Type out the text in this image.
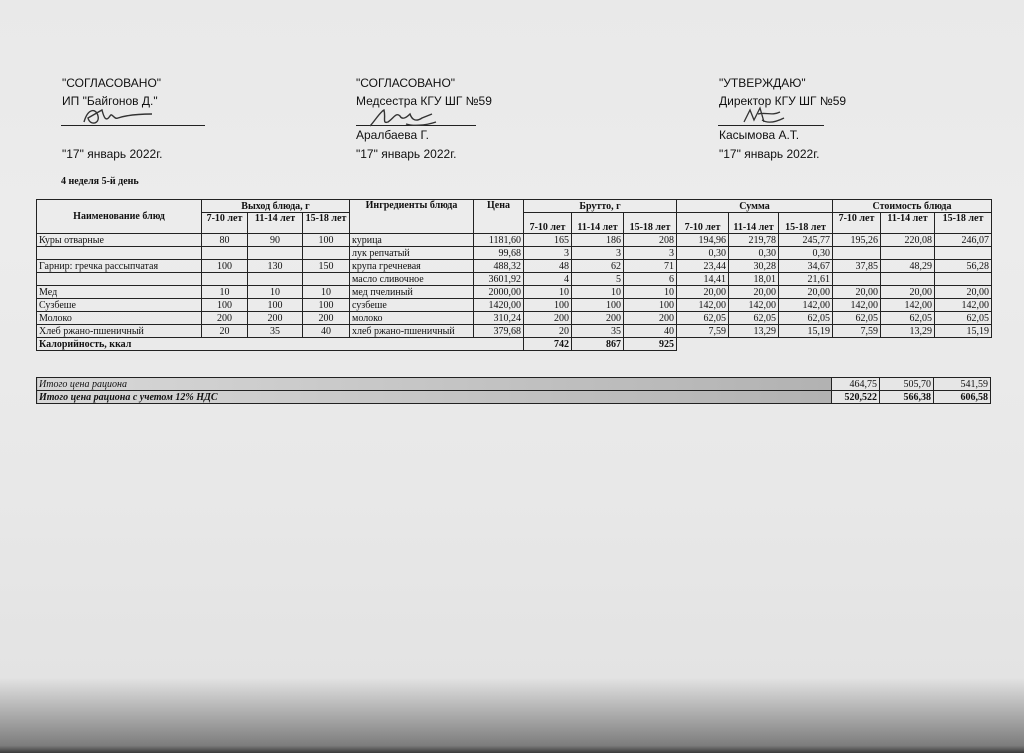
"СОГЛАСОВАНО"
ИП "Байгонов Д."
"17" январь 2022г.
"СОГЛАСОВАНО"
Медсестра КГУ ШГ №59
Аралбаева Г.
"17" январь 2022г.
"УТВЕРЖДАЮ"
Директор КГУ ШГ №59
Касымова А.Т.
"17" январь 2022г.
4 неделя 5-й день
Наименование блюд	Выход блюда, г			Ингредиенты блюда	Цена	Брутто, г			Сумма			Стоимость блюда		
	7-10 лет	11-14 лет	15-18 лет			7-10 лет	11-14 лет	15-18 лет	7-10 лет	11-14 лет	15-18 лет	7-10 лет	11-14 лет	15-18 лет
Куры отварные	80	90	100	курица	1181,60	165	186	208	194,96	219,78	245,77	195,26	220,08	246,07
				лук репчатый	99,68	3	3	3	0,30	0,30	0,30			
Гарнир: гречка рассыпчатая	100	130	150	крупа гречневая	488,32	48	62	71	23,44	30,28	34,67	37,85	48,29	56,28
				масло сливочное	3601,92	4	5	6	14,41	18,01	21,61			
Мед	10	10	10	мед пчелиный	2000,00	10	10	10	20,00	20,00	20,00	20,00	20,00	20,00
Сузбеше	100	100	100	сузбеше	1420,00	100	100	100	142,00	142,00	142,00	142,00	142,00	142,00
Молоко	200	200	200	молоко	310,24	200	200	200	62,05	62,05	62,05	62,05	62,05	62,05
Хлеб ржано-пшеничный	20	35	40	хлеб ржано-пшеничный	379,68	20	35	40	7,59	13,29	15,19	7,59	13,29	15,19
Калорийность, ккал						742	867	925						
Итого цена рациона	464,75	505,70	541,59
Итого цена рациона с учетом 12% НДС	520,522	566,38	606,58
